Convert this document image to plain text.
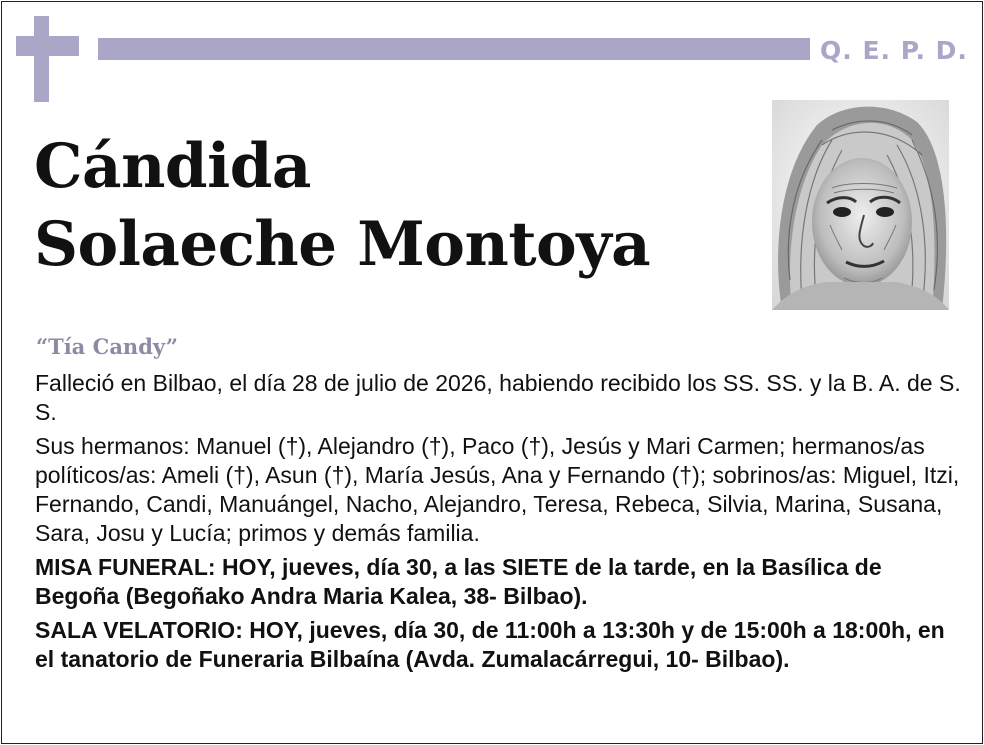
Q. E. P. D.
Cándida
Solaeche Montoya
“Tía Candy”

Falleció en Bilbao, el día 28 de julio de 2026, habiendo recibido los SS. SS. y la B. A. de S. S.

Sus hermanos: Manuel (†), Alejandro (†), Paco (†), Jesús y Mari Carmen; hermanos/as políticos/as: Ameli (†), Asun (†), María Jesús, Ana y Fernando (†); sobrinos/as: Miguel, Itzi, Fernando, Candi, Manuángel, Nacho, Alejandro, Teresa, Rebeca, Silvia, Marina, Susana, Sara, Josu y Lucía; primos y demás familia.

MISA FUNERAL: HOY, jueves, día 30, a las SIETE de la tarde, en la Basílica de Begoña (Begoñako Andra Maria Kalea, 38- Bilbao).

SALA VELATORIO: HOY, jueves, día 30, de 11:00h a 13:30h y de 15:00h a 18:00h, en el tanatorio de Funeraria Bilbaína (Avda. Zumalacárregui, 10- Bilbao).
